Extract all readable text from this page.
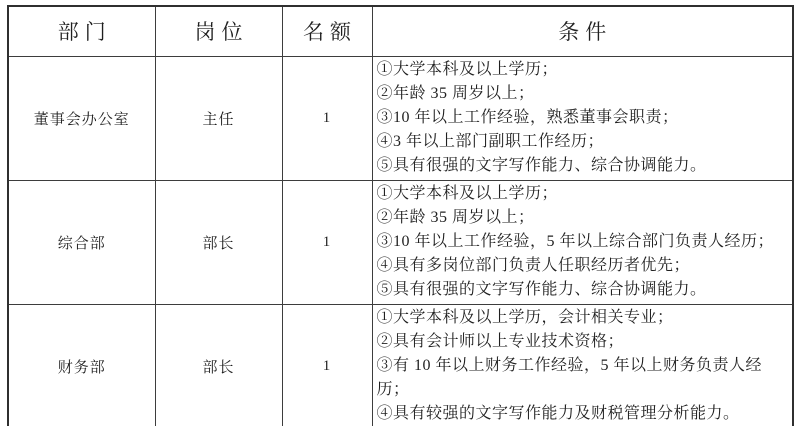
部门	岗位	名额	条件
董事会办公室	主任	1	①大学本科及以上学历；
②年龄 35 周岁以上；
③10 年以上工作经验，熟悉董事会职责；
④3 年以上部门副职工作经历；
⑤具有很强的文字写作能力、综合协调能力。

综合部	部长	1	①大学本科及以上学历；
②年龄 35 周岁以上；
③10 年以上工作经验，5 年以上综合部门负责人经历；
④具有多岗位部门负责人任职经历者优先；
⑤具有很强的文字写作能力、综合协调能力。

财务部	部长	1	①大学本科及以上学历，会计相关专业；
②具有会计师以上专业技术资格；
③有 10 年以上财务工作经验，5 年以上财务负责人经历；
④具有较强的文字写作能力及财税管理分析能力。
